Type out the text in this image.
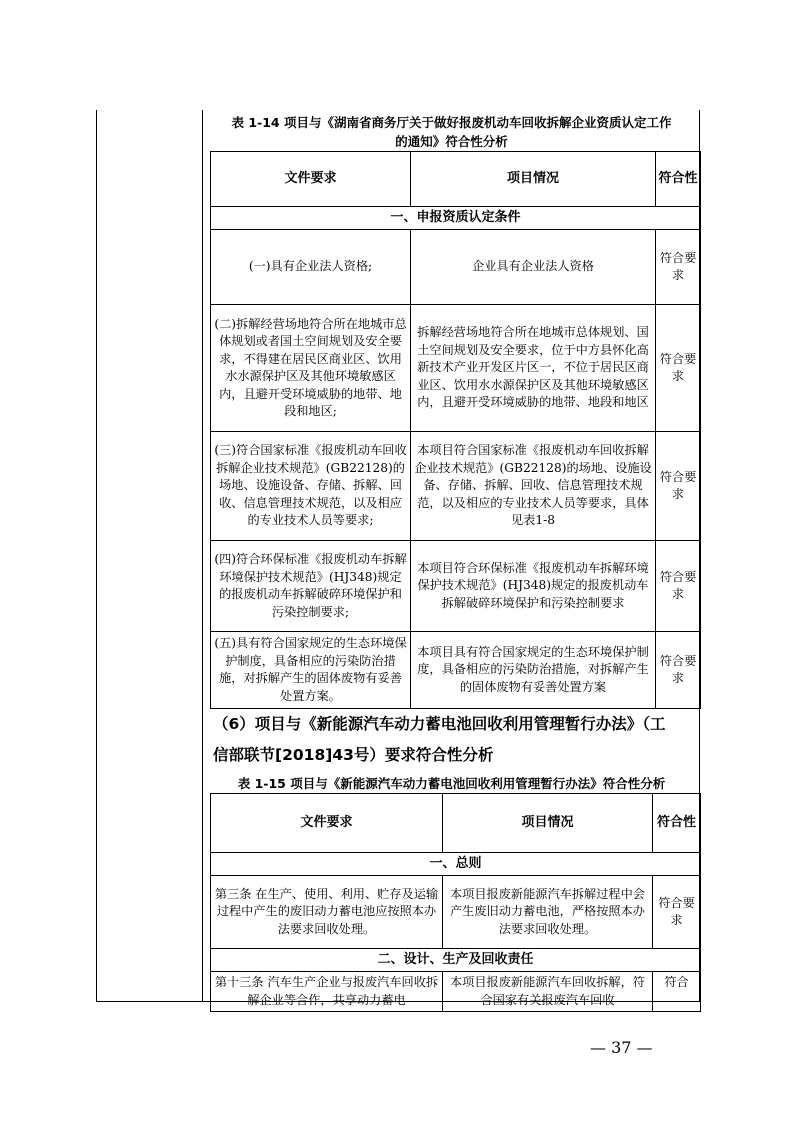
表 1-14 项目与《湖南省商务厅关于做好报废机动车回收拆解企业资质认定工作
的通知》符合性分析
文件要求	项目情况	符合性
一、申报资质认定条件		
(一)具有企业法人资格;	企业具有企业法人资格	符合要求
(二)拆解经营场地符合所在地城市总体规划或者国土空间规划及安全要求，不得建在居民区商业区、饮用水水源保护区及其他环境敏感区内，且避开受环境威胁的地带、地段和地区;	拆解经营场地符合所在地城市总体规划、国土空间规划及安全要求，位于中方县怀化高新技术产业开发区片区一，不位于居民区商业区、饮用水水源保护区及其他环境敏感区内，且避开受环境威胁的地带、地段和地区	符合要求
(三)符合国家标准《报废机动车回收拆解企业技术规范》(GB22128)的场地、设施设备、存储、拆解、回收、信息管理技术规范，以及相应的专业技术人员等要求;	本项目符合国家标准《报废机动车回收拆解企业技术规范》(GB22128)的场地、设施设备、存储、拆解、回收、信息管理技术规范，以及相应的专业技术人员等要求，具体见表1-8	符合要求
(四)符合环保标准《报废机动车拆解环境保护技术规范》(HJ348)规定的报废机动车拆解破碎环境保护和污染控制要求;	本项目符合环保标准《报废机动车拆解环境保护技术规范》(HJ348)规定的报废机动车拆解破碎环境保护和污染控制要求	符合要求
(五)具有符合国家规定的生态环境保护制度，具备相应的污染防治措施，对拆解产生的固体废物有妥善处置方案。	本项目具有符合国家规定的生态环境保护制度，具备相应的污染防治措施，对拆解产生的固体废物有妥善处置方案	符合要求
（6）项目与《新能源汽车动力蓄电池回收利用管理暂行办法》（工
信部联节[2018]43号）要求符合性分析
表 1-15 项目与《新能源汽车动力蓄电池回收利用管理暂行办法》符合性分析
文件要求	项目情况	符合性
一、总则		
第三条 在生产、使用、利用、贮存及运输过程中产生的废旧动力蓄电池应按照本办法要求回收处理。	本项目报废新能源汽车拆解过程中会产生废旧动力蓄电池，严格按照本办法要求回收处理。	符合要求
二、设计、生产及回收责任		
第十三条 汽车生产企业与报废汽车回收拆解企业等合作，共享动力蓄电	本项目报废新能源汽车回收拆解，符合国家有关报废汽车回收	符合
— 37 —
